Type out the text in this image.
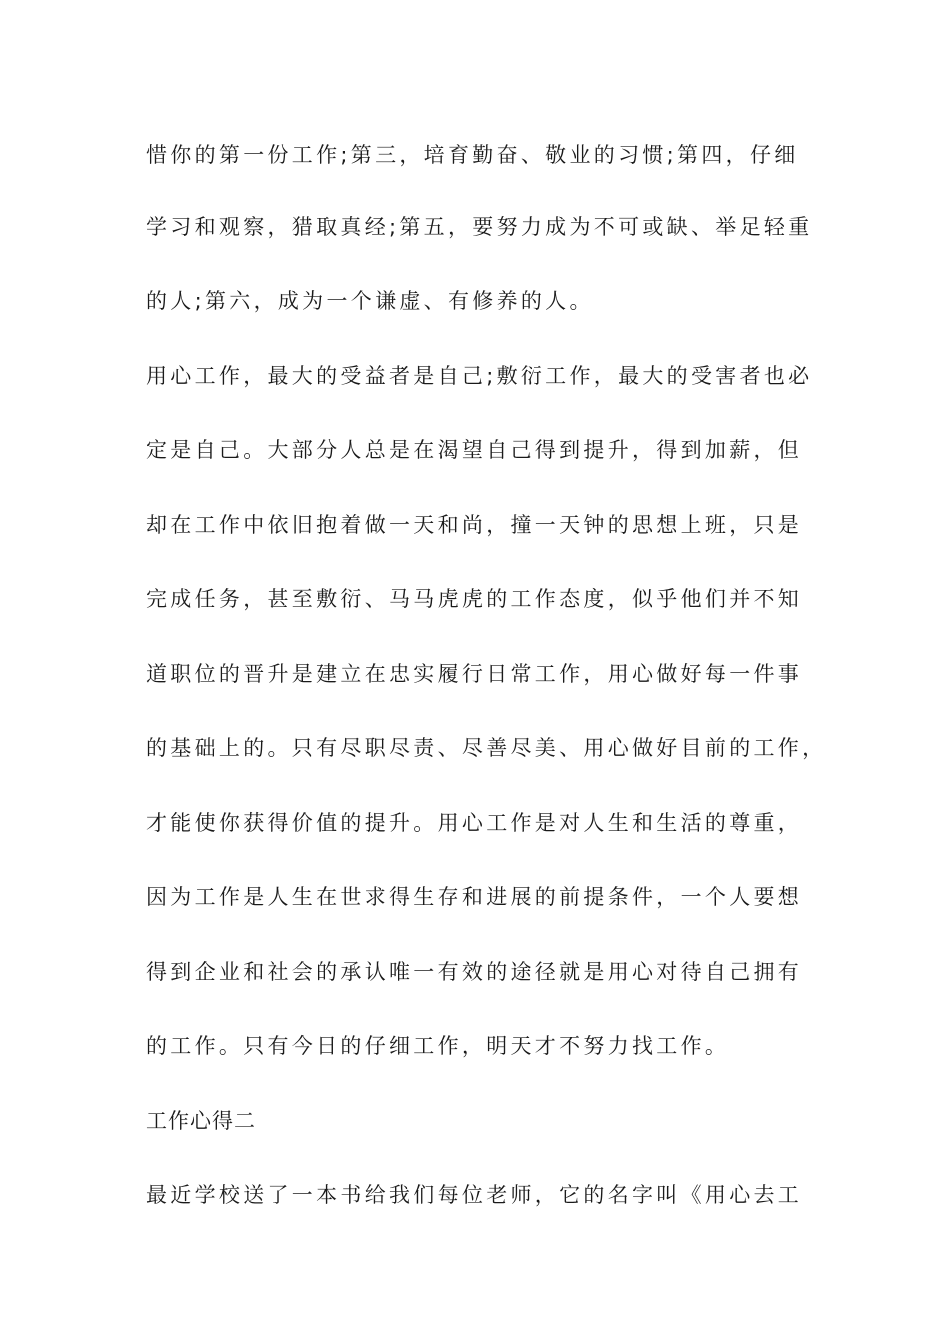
惜你的第一份工作;第三，培育勤奋、敬业的习惯;第四，仔细
学习和观察，猎取真经;第五，要努力成为不可或缺、举足轻重
的人;第六，成为一个谦虚、有修养的人。
用心工作，最大的受益者是自己;敷衍工作，最大的受害者也必
定是自己。大部分人总是在渴望自己得到提升，得到加薪，但
却在工作中依旧抱着做一天和尚，撞一天钟的思想上班，只是
完成任务，甚至敷衍、马马虎虎的工作态度，似乎他们并不知
道职位的晋升是建立在忠实履行日常工作，用心做好每一件事
的基础上的。只有尽职尽责、尽善尽美、用心做好目前的工作，
才能使你获得价值的提升。用心工作是对人生和生活的尊重，
因为工作是人生在世求得生存和进展的前提条件，一个人要想
得到企业和社会的承认唯一有效的途径就是用心对待自己拥有
的工作。只有今日的仔细工作，明天才不努力找工作。
工作心得二
最近学校送了一本书给我们每位老师，它的名字叫《用心去工
